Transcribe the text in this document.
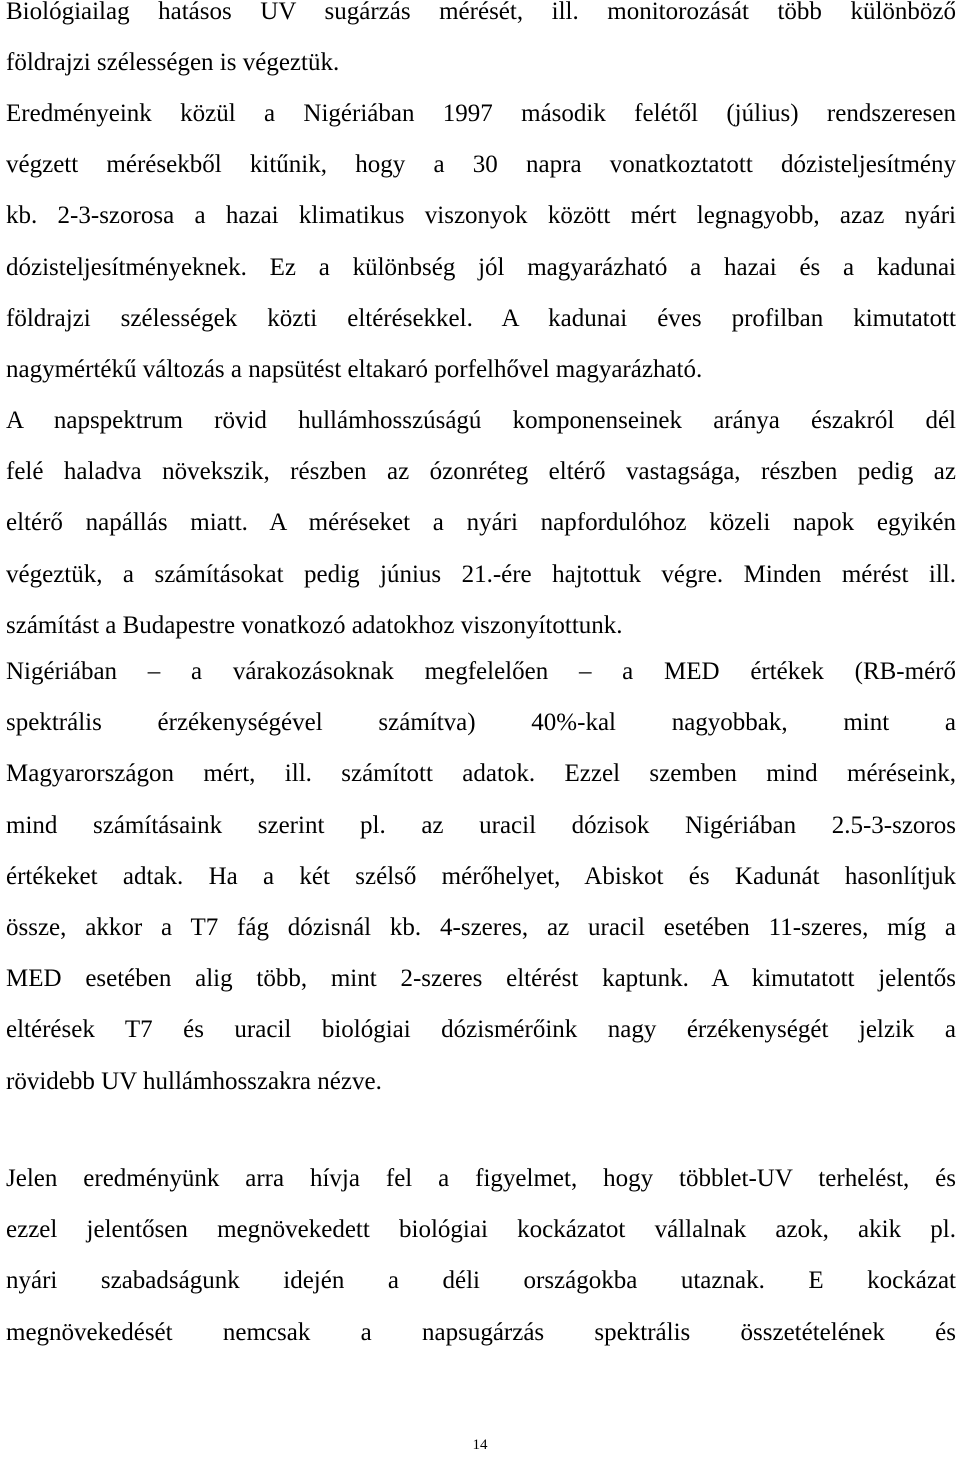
Biológiailag hatásos UV sugárzás mérését, ill. monitorozását több különböző
földrajzi szélességen is végeztük.
Eredményeink közül a Nigériában 1997 második felétől (július) rendszeresen
végzett mérésekből kitűnik, hogy a 30 napra vonatkoztatott dózisteljesítmény
kb. 2-3-szorosa a hazai klimatikus viszonyok között mért legnagyobb, azaz nyári
dózisteljesítményeknek. Ez a különbség jól magyarázható a hazai és a kadunai
földrajzi szélességek közti eltérésekkel. A kadunai éves profilban kimutatott
nagymértékű változás a napsütést eltakaró porfelhővel magyarázható.
A napspektrum rövid hullámhosszúságú komponenseinek aránya északról dél
felé haladva növekszik, részben az ózonréteg eltérő vastagsága, részben pedig az
eltérő napállás miatt. A méréseket a nyári napfordulóhoz közeli napok egyikén
végeztük, a számításokat pedig június 21.-ére hajtottuk végre. Minden mérést ill.
számítást a Budapestre vonatkozó adatokhoz viszonyítottunk.
Nigériában – a várakozásoknak megfelelően – a MED értékek (RB-mérő
spektrális érzékenységével számítva) 40%-kal nagyobbak, mint a
Magyarországon mért, ill. számított adatok. Ezzel szemben mind méréseink,
mind számításaink szerint pl. az uracil dózisok Nigériában 2.5-3-szoros
értékeket adtak. Ha a két szélső mérőhelyet, Abiskot és Kadunát hasonlítjuk
össze, akkor a T7 fág dózisnál kb. 4-szeres, az uracil esetében 11-szeres, míg a
MED esetében alig több, mint 2-szeres eltérést kaptunk. A kimutatott jelentős
eltérések T7 és uracil biológiai dózismérőink nagy érzékenységét jelzik a
rövidebb UV hullámhosszakra nézve.
Jelen eredményünk arra hívja fel a figyelmet, hogy többlet-UV terhelést, és
ezzel jelentősen megnövekedett biológiai kockázatot vállalnak azok, akik pl.
nyári szabadságunk idején a déli országokba utaznak. E kockázat
megnövekedését nemcsak a napsugárzás spektrális összetételének és
14
